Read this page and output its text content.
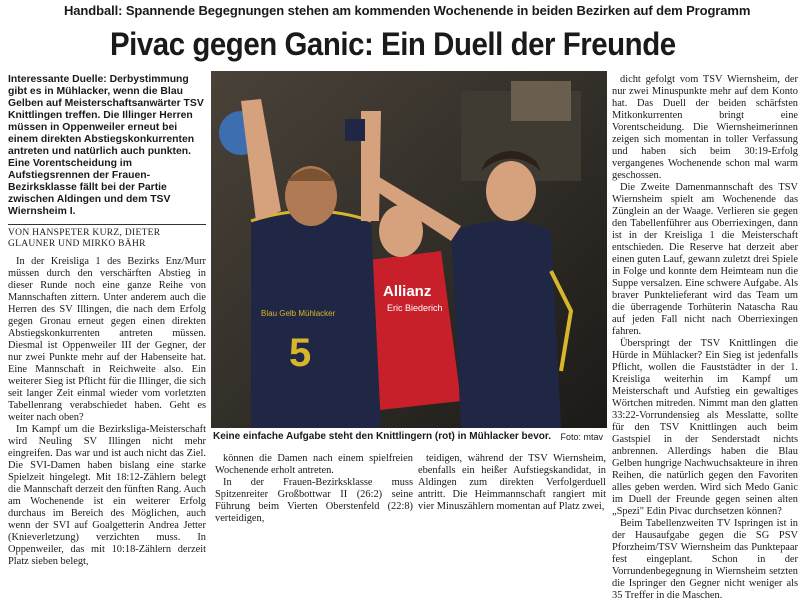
Handball: Spannende Begegnungen stehen am kommenden Wochenende in beiden Bezirken auf dem Programm
Pivac gegen Ganic: Ein Duell der Freunde
Interessante Duelle: Derbystimmung gibt es in Mühlacker, wenn die Blau Gelben auf Meisterschaftsanwärter TSV Knittlingen treffen. Die Illinger Herren müssen in Oppenweiler erneut bei einem direkten Abstiegskonkurrenten antreten und natürlich auch punkten. Eine Vorentscheidung im Aufstiegsrennen der Frauen-Bezirksklasse fällt bei der Partie zwischen Aldingen und dem TSV Wiernsheim I.
VON HANSPETER KURZ, DIETER GLAUNER UND MIRKO BÄHR

In der Kreisliga 1 des Bezirks Enz/Murr müssen durch den verschärften Abstieg in dieser Runde noch eine ganze Reihe von Mannschaften zittern. Unter anderem auch die Herren des SV Illingen, die nach dem Erfolg gegen Gronau erneut gegen einen direkten Abstiegskonkurrenten antreten müssen. Diesmal ist Oppenweiler III der Gegner, der nur zwei Punkte mehr auf der Habenseite hat. Eine Mannschaft in Reichweite also. Ein weiterer Sieg ist Pflicht für die Illinger, die sich seit langer Zeit einmal wieder vom vorletzten Tabellenrang verabschiedet haben. Geht es weiter nach oben?

Im Kampf um die Bezirksliga-Meisterschaft wird Neuling SV Illingen nicht mehr eingreifen. Das war und ist auch nicht das Ziel. Die SVI-Damen haben bislang eine starke Spielzeit hingelegt. Mit 18:12-Zählern belegt die Mannschaft derzeit den fünften Rang. Auch am Wochenende ist ein weiterer Erfolg durchaus im Bereich des Möglichen, auch wenn der SVI auf Goalgetterin Andrea Jetter (Knieverletzung) verzichten muss. In Oppenweiler, das mit 10:18-Zählern derzeit Platz sieben belegt,

Allianz
Eric Biederich
5
Blau Gelb Mühlacker
Keine einfache Aufgabe steht den Knittlingern (rot) in Mühlacker bevor. Foto: mtav

können die Damen nach einem spielfreien Wochenende erholt antreten.

In der Frauen-Bezirksklasse muss Spitzenreiter Großbottwar II (26:2) seine Führung beim Vierten Oberstenfeld (22:8) verteidigen,

teidigen, während der TSV Wiernsheim, ebenfalls ein heißer Aufstiegskandidat, in Aldingen zum direkten Verfolgerduell antritt. Die Heimmannschaft rangiert mit vier Minuszählern momentan auf Platz zwei,

dicht gefolgt vom TSV Wiernsheim, der nur zwei Minuspunkte mehr auf dem Konto hat. Das Duell der beiden schärfsten Mitkonkurrenten bringt eine Vorentscheidung. Die Wiernsheimerinnen zeigen sich momentan in toller Verfassung und haben sich beim 30:19-Erfolg vergangenes Wochenende schon mal warm geschossen.

Die Zweite Damenmannschaft des TSV Wiernsheim spielt am Wochenende das Zünglein an der Waage. Verlieren sie gegen den Tabellenführer aus Oberriexingen, dann ist in der Kreisliga 1 die Meisterschaft entschieden. Die Reserve hat derzeit aber einen guten Lauf, gewann zuletzt drei Spiele in Folge und konnte dem Heimteam nun die Suppe versalzen. Eine schwere Aufgabe. Als braver Punktelieferant wird das Team um die überragende Torhüterin Natascha Rau auf jeden Fall nicht nach Oberriexingen fahren.

Überspringt der TSV Knittlingen die Hürde in Mühlacker? Ein Sieg ist jedenfalls Pflicht, wollen die Fauststädter in der 1. Kreisliga weiterhin im Kampf um Meisterschaft und Aufstieg ein gewaltiges Wörtchen mitreden. Nimmt man den glatten 33:22-Vorrundensieg als Messlatte, sollte für den TSV Knittlingen auch beim Gastspiel in der Senderstadt nichts anbrennen. Allerdings haben die Blau Gelben hungrige Nachwuchsakteure in ihren Reihen, die natürlich gegen den Favoriten alles geben werden. Wird sich Medo Ganic im Duell der Freunde gegen seinen alten „Spezi" Edin Pivac durchsetzen können?

Beim Tabellenzweiten TV Ispringen ist in der Hausaufgabe gegen die SG PSV Pforzheim/TSV Wiernsheim das Punktepaar fest eingeplant. Schon in der Vorrundenbegegnung in Wiernsheim setzten die Ispringer den Gegner nicht weniger als 35 Treffer in die Maschen.
